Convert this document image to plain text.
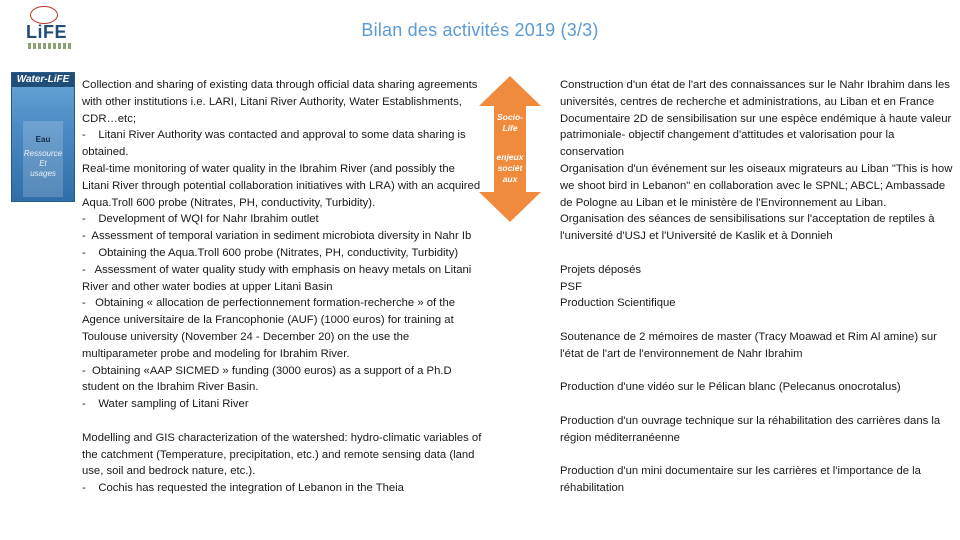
LiFE	Bilan des activités 2019 (3/3)
Water-LiFE
Eau
Ressource
Et
usages

Collection and sharing of existing data through official data sharing agreements with other institutions i.e. LARI, Litani River Authority, Water Establishments, CDR…etc;
-    Litani River Authority was contacted and approval to some data sharing is obtained.
Real-time monitoring of water quality in the Ibrahim River (and possibly the Litani River through potential collaboration initiatives with LRA) with an acquired Aqua.Troll 600 probe (Nitrates, PH, conductivity, Turbidity).
-    Development of WQI for Nahr Ibrahim outlet
-  Assessment of temporal variation in sediment microbiota diversity in Nahr Ib
-    Obtaining the Aqua.Troll 600 probe (Nitrates, PH, conductivity, Turbidity)
-   Assessment of water quality study with emphasis on heavy metals on Litani River and other water bodies at upper Litani Basin
-   Obtaining « allocation de perfectionnement formation-recherche » of the Agence universitaire de la Francophonie (AUF) (1000 euros) for training at Toulouse university (November 24 - December 20) on the use the multiparameter probe and modeling for Ibrahim River.
-  Obtaining «AAP SICMED » funding (3000 euros) as a support of a Ph.D student on the Ibrahim River Basin.
-    Water sampling of Litani River

Modelling and GIS characterization of the watershed: hydro-climatic variables of the catchment (Temperature, precipitation, etc.) and remote sensing data (land use, soil and bedrock nature, etc.).
-    Cochis has requested the integration of Lebanon in the Theia

Socio-
Life
enjeux
sociét
aux

Construction d'un état de l'art des connaissances sur le Nahr Ibrahim dans les universités, centres de recherche et administrations, au Liban et en France
Documentaire 2D de sensibilisation sur une espèce endémique à haute valeur patrimoniale- objectif changement d'attitudes et valorisation pour la conservation
Organisation d'un événement sur les oiseaux migrateurs au Liban "This is how we shoot bird in Lebanon" en collaboration avec le SPNL; ABCL; Ambassade de Pologne au Liban et le ministère de l'Environnement au Liban.
Organisation des séances de sensibilisations sur l'acceptation de reptiles à l'université d'USJ et l'Université de Kaslik et à Donnieh

Projets déposés
PSF
Production Scientifique

Soutenance de 2 mémoires de master (Tracy Moawad et Rim Al amine) sur l'état de l'art de l'environnement de Nahr Ibrahim

Production d'une vidéo sur le Pélican blanc (Pelecanus onocrotalus)

Production d'un ouvrage technique sur la réhabilitation des carrières dans la région méditerranéenne

Production d'un mini documentaire sur les carrières et l'importance de la réhabilitation
